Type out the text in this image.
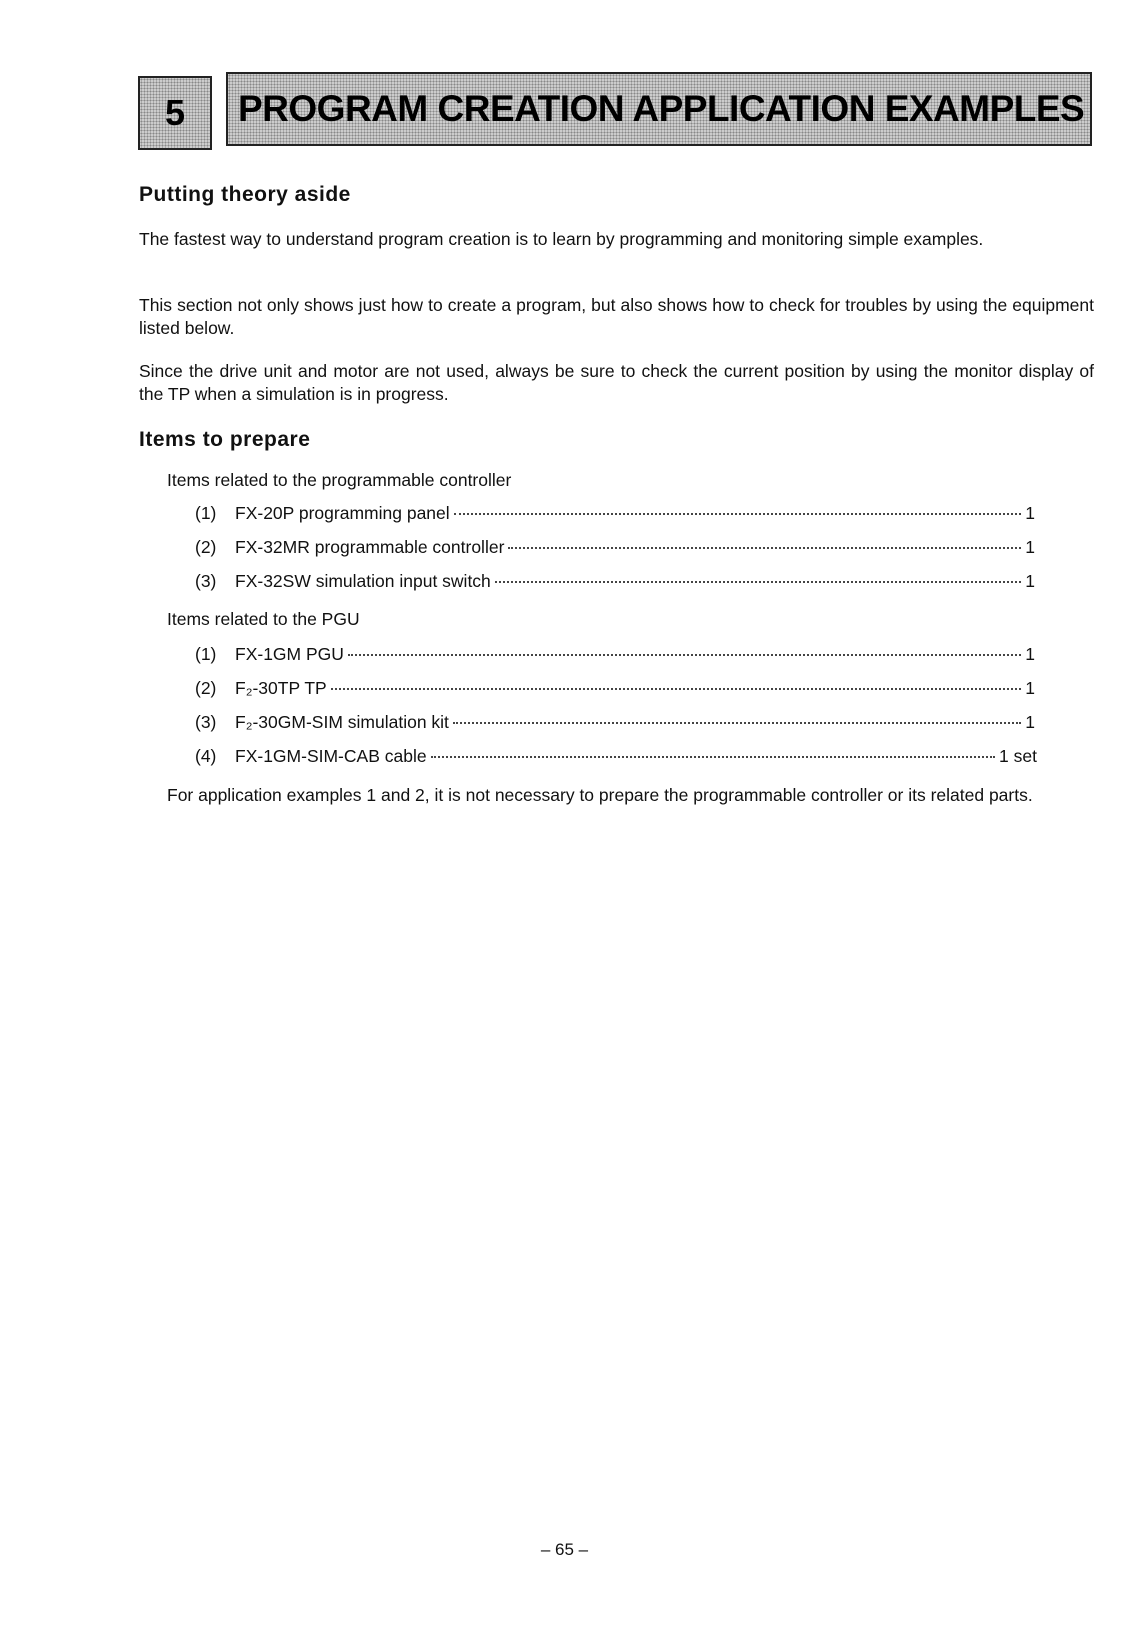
5	PROGRAM CREATION APPLICATION EXAMPLES
Putting theory aside

The fastest way to understand program creation is to learn by programming and monitoring simple examples.

This section not only shows just how to create a program, but also shows how to check for troubles by using the equipment listed below.

Since the drive unit and motor are not used, always be sure to check the current position by using the monitor display of the TP when a simulation is in progress.

Items to prepare
Items related to the programmable controller
(1)	FX-20P programming panel	1
(2)	FX-32MR programmable controller	1
(3)	FX-32SW simulation input switch	1
Items related to the PGU
(1)	FX-1GM PGU	1
(2)	F₂-30TP TP	1
(3)	F₂-30GM-SIM simulation kit	1
(4)	FX-1GM-SIM-CAB cable	1 set

For application examples 1 and 2, it is not necessary to prepare the programmable controller or its related parts.

– 65 –
